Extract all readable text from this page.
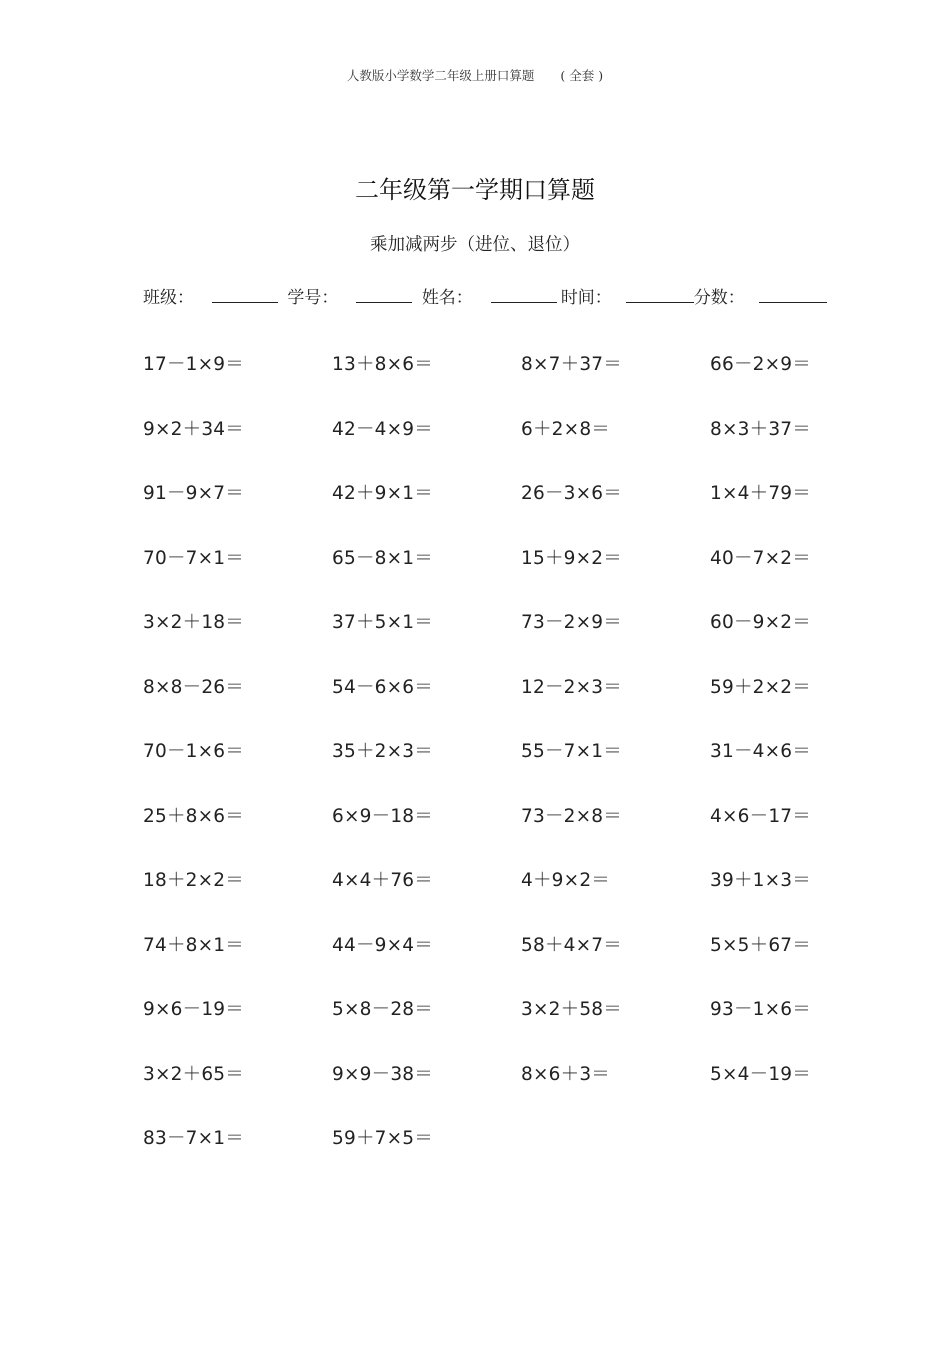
人教版小学数学二年级上册口算题 ( 全套 )
二年级第一学期口算题
乘加减两步（进位、退位）
班级：	学号：	姓名：	时间：	分数：
17－1×9＝	13＋8×6＝	8×7＋37＝	66－2×9＝
9×2＋34＝	42－4×9＝	6＋2×8＝	8×3＋37＝
91－9×7＝	42＋9×1＝	26－3×6＝	1×4＋79＝
70－7×1＝	65－8×1＝	15＋9×2＝	40－7×2＝
3×2＋18＝	37＋5×1＝	73－2×9＝	60－9×2＝
8×8－26＝	54－6×6＝	12－2×3＝	59＋2×2＝
70－1×6＝	35＋2×3＝	55－7×1＝	31－4×6＝
25＋8×6＝	6×9－18＝	73－2×8＝	4×6－17＝
18＋2×2＝	4×4＋76＝	4＋9×2＝	39＋1×3＝
74＋8×1＝	44－9×4＝	58＋4×7＝	5×5＋67＝
9×6－19＝	5×8－28＝	3×2＋58＝	93－1×6＝
3×2＋65＝	9×9－38＝	8×6＋3＝	5×4－19＝
83－7×1＝	59＋7×5＝
